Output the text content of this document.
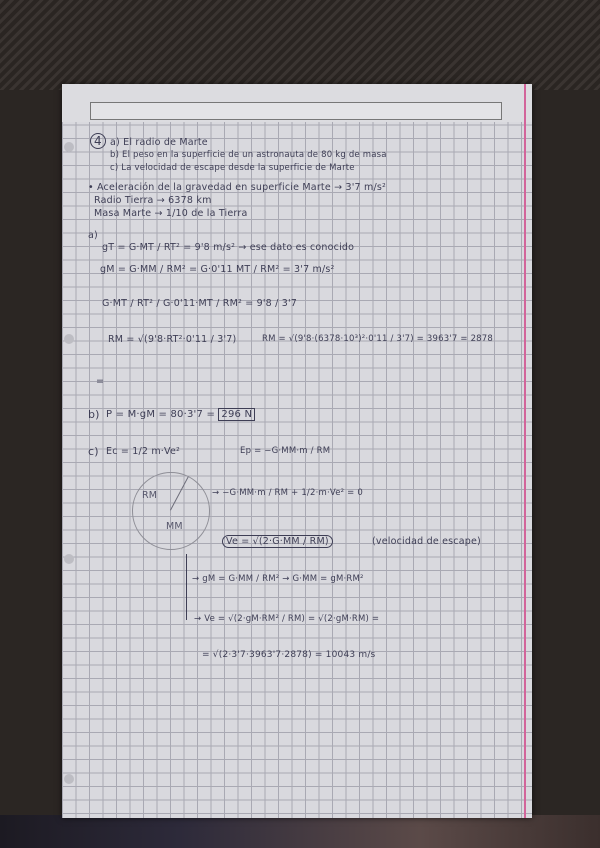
4 a) El radio de Marte
b) El peso en la superficie de un astronauta de 80 kg de masa
c) La velocidad de escape desde la superficie de Marte
• Aceleración de la gravedad en superficie Marte → 3'7 m/s²
Radio Tierra → 6378 km
Masa Marte → 1/10 de la Tierra
a)
gT = G·MT / RT² = 9'8 m/s² → ese dato es conocido
gM = G·MM / RM² = G·0'11 MT / RM² = 3'7 m/s²
G·MT / RT² / G·0'11·MT / RM² = 9'8 / 3'7
RM = √(9'8·RT²·0'11 / 3'7)	RM = √(9'8·(6378·10³)²·0'11 / 3'7) = 3963'7 = 2878
=
b) P = M·gM = 80·3'7 = 296 N
c) Ec = 1/2 m·Ve²	Ep = −G·MM·m / RM
RM
MM
→ −G·MM·m / RM + 1/2·m·Ve² = 0
Ve = √(2·G·MM / RM)	(velocidad de escape)
→ gM = G·MM / RM² → G·MM = gM·RM²
→ Ve = √(2·gM·RM² / RM) = √(2·gM·RM) =
= √(2·3'7·3963'7·2878) = 10043 m/s
